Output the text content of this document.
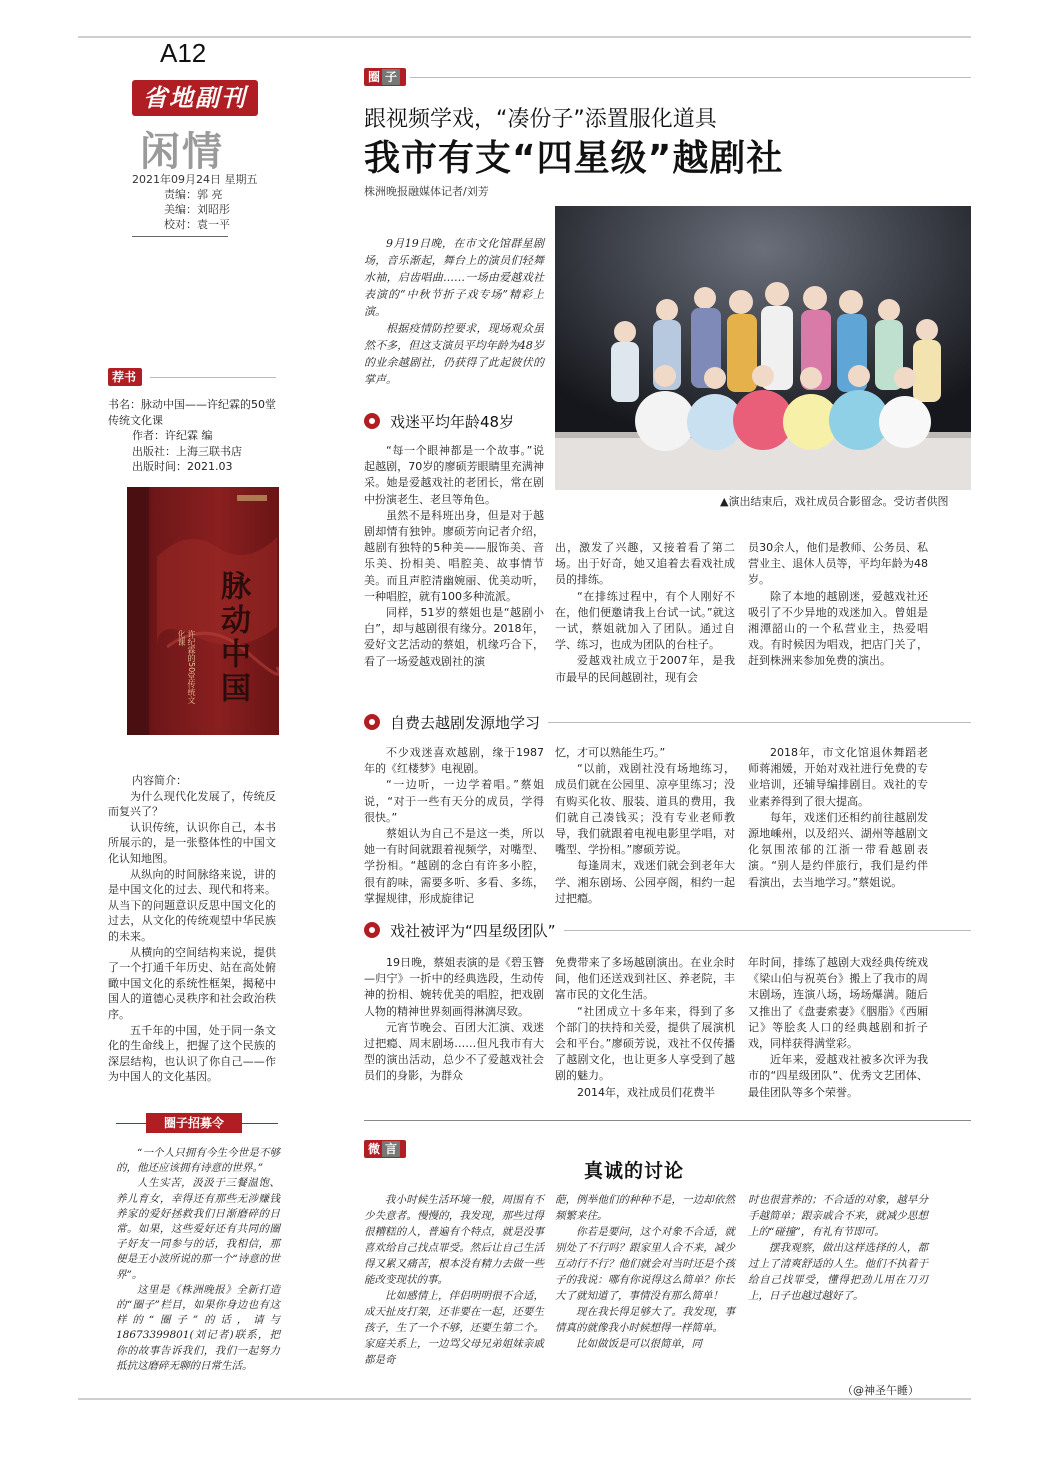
A12
省地副刊
闲情
2021年09月24日 星期五
责编：郭 亮
美编：刘昭彤
校对：袁一平
荐书
书名：脉动中国——许纪霖的50堂传统文化课
作者：许纪霖 编
出版社：上海三联书店
出版时间：2021.03
脉动中国
许纪霖的50堂传统文化课
内容简介：

为什么现代化发展了，传统反而复兴了？

认识传统，认识你自己，本书所展示的，是一张整体性的中国文化认知地图。

从纵向的时间脉络来说，讲的是中国文化的过去、现代和将来。从当下的问题意识反思中国文化的过去，从文化的传统观望中华民族的未来。

从横向的空间结构来说，提供了一个打通千年历史、站在高处俯瞰中国文化的系统性框架，揭秘中国人的道德心灵秩序和社会政治秩序。

五千年的中国，处于同一条文化的生命线上，把握了这个民族的深层结构，也认识了你自己——作为中国人的文化基因。

圈子招募令

“一个人只拥有今生今世是不够的，他还应该拥有诗意的世界。”

人生实苦，汲汲于三餐温饱、养儿育女，幸得还有那些无涉赚钱养家的爱好拯救我们日渐磨碎的日常。如果，这些爱好还有共同的圈子好友一同参与的话，我相信，那便是王小波所说的那一个“诗意的世界”。

这里是《株洲晚报》全新打造的“圈子”栏目，如果你身边也有这样的“圈子”的话，请与18673399801(刘记者)联系，把你的故事告诉我们，我们一起努力抵抗这磨碎无聊的日常生活。

圈 子
跟视频学戏，“凑份子”添置服化道具
我市有支“四星级”越剧社
株洲晚报融媒体记者/刘芳

9月19日晚，在市文化馆群星剧场，音乐渐起，舞台上的演员们轻舞水袖，启齿唱曲……一场由爱越戏社表演的“中秋节折子戏专场”精彩上演。

根据疫情防控要求，现场观众虽然不多，但这支演员平均年龄为48岁的业余越剧社，仍获得了此起彼伏的掌声。

▲演出结束后，戏社成员合影留念。受访者供图
戏迷平均年龄48岁

“每一个眼神都是一个故事。”说起越剧，70岁的廖硕芳眼睛里充满神采。她是爱越戏社的老团长，常在剧中扮演老生、老旦等角色。

虽然不是科班出身，但是对于越剧却情有独钟。廖硕芳向记者介绍，越剧有独特的5种美——服饰美、音乐美、扮相美、唱腔美、故事情节美。而且声腔清幽婉丽、优美动听，一种唱腔，就有100多种流派。

同样，51岁的蔡姐也是“越剧小白”，却与越剧很有缘分。2018年，爱好文艺活动的蔡姐，机缘巧合下，看了一场爱越戏剧社的演

出，激发了兴趣，又接着看了第二场。出于好奇，她又追着去看戏社成员的排练。

“在排练过程中，有个人刚好不在，他们便邀请我上台试一试。”就这一试，蔡姐就加入了团队。通过自学、练习，也成为团队的台柱子。

爱越戏社成立于2007年，是我市最早的民间越剧社，现有会

员30余人，他们是教师、公务员、私营业主、退休人员等，平均年龄为48岁。

除了本地的越剧迷，爱越戏社还吸引了不少异地的戏迷加入。曾姐是湘潭韶山的一个私营业主，热爱唱戏。有时候因为唱戏，把店门关了，赶到株洲来参加免费的演出。

自费去越剧发源地学习

不少戏迷喜欢越剧，缘于1987年的《红楼梦》电视剧。

“一边听，一边学着唱。”蔡姐说，“对于一些有天分的成员，学得很快。”

蔡姐认为自己不是这一类，所以她一有时间就跟着视频学，对嘴型、学扮相。“越剧的念白有许多小腔，很有韵味，需要多听、多看、多练，掌握规律，形成旋律记

忆，才可以熟能生巧。”

“以前，戏剧社没有场地练习，成员们就在公园里、凉亭里练习；没有购买化妆、服装、道具的费用，我们就自己凑钱买；没有专业老师教导，我们就跟着电视电影里学唱，对嘴型、学扮相。”廖硕芳说。

每逢周末，戏迷们就会到老年大学、湘东剧场、公园亭阁，相约一起过把瘾。

2018年，市文化馆退休舞蹈老师蒋湘媛，开始对戏社进行免费的专业培训，还辅导编排剧目。戏社的专业素养得到了很大提高。

每年，戏迷们还相约前往越剧发源地嵊州，以及绍兴、湖州等越剧文化氛围浓郁的江浙一带看越剧表演。“别人是约伴旅行，我们是约伴看演出，去当地学习。”蔡姐说。

戏社被评为“四星级团队”

19日晚，蔡姐表演的是《碧玉簪—归宁》一折中的经典选段，生动传神的扮相、婉转优美的唱腔，把戏剧人物的精神世界刻画得淋漓尽致。

元宵节晚会、百团大汇演、戏迷过把瘾、周末剧场……但凡我市有大型的演出活动，总少不了爱越戏社会员们的身影，为群众

免费带来了多场越剧演出。在业余时间，他们还送戏到社区、养老院，丰富市民的文化生活。

“社团成立十多年来，得到了多个部门的扶持和关爱，提供了展演机会和平台。”廖硕芳说，戏社不仅传播了越剧文化，也让更多人享受到了越剧的魅力。

2014年，戏社成员们花费半

年时间，排练了越剧大戏经典传统戏《梁山伯与祝英台》搬上了我市的周末剧场，连演八场，场场爆满。随后又推出了《盘妻索妻》《胭脂》《西厢记》等脍炙人口的经典越剧和折子戏，同样获得满堂彩。

近年来，爱越戏社被多次评为我市的“四星级团队”、优秀文艺团体、最佳团队等多个荣誉。

微 言
真诚的讨论

我小时候生活环境一般，周围有不少失意者。慢慢的，我发现，那些过得很糟糕的人，普遍有个特点，就是没事喜欢给自己找点罪受。然后让自己生活得又累又痛苦，根本没有精力去做一些能改变现状的事。

比如感情上，伴侣明明很不合适，成天扯皮打架，还非要在一起，还要生孩子，生了一个不够，还要生第二个。家庭关系上，一边骂父母兄弟姐妹亲戚都是奇

葩，例举他们的种种不是，一边却依然频繁来往。

你若是要问，这个对象不合适，就别处了不行吗？跟家里人合不来，减少互动行不行？他们就会对当时还是个孩子的我说：哪有你说得这么简单？你长大了就知道了，事情没有那么简单！

现在我长得足够大了。我发现，事情真的就像我小时候想得一样简单。

比如做饭是可以很简单，同

时也很营养的；不合适的对象，越早分手越简单；跟亲戚合不来，就减少思想上的“碰撞”，有礼有节即可。

摆我观察，做出这样选择的人，都过上了清爽舒适的人生。他们不执着于给自己找罪受，懂得把劲儿用在刀刃上，日子也越过越好了。

（@神圣午睡）
